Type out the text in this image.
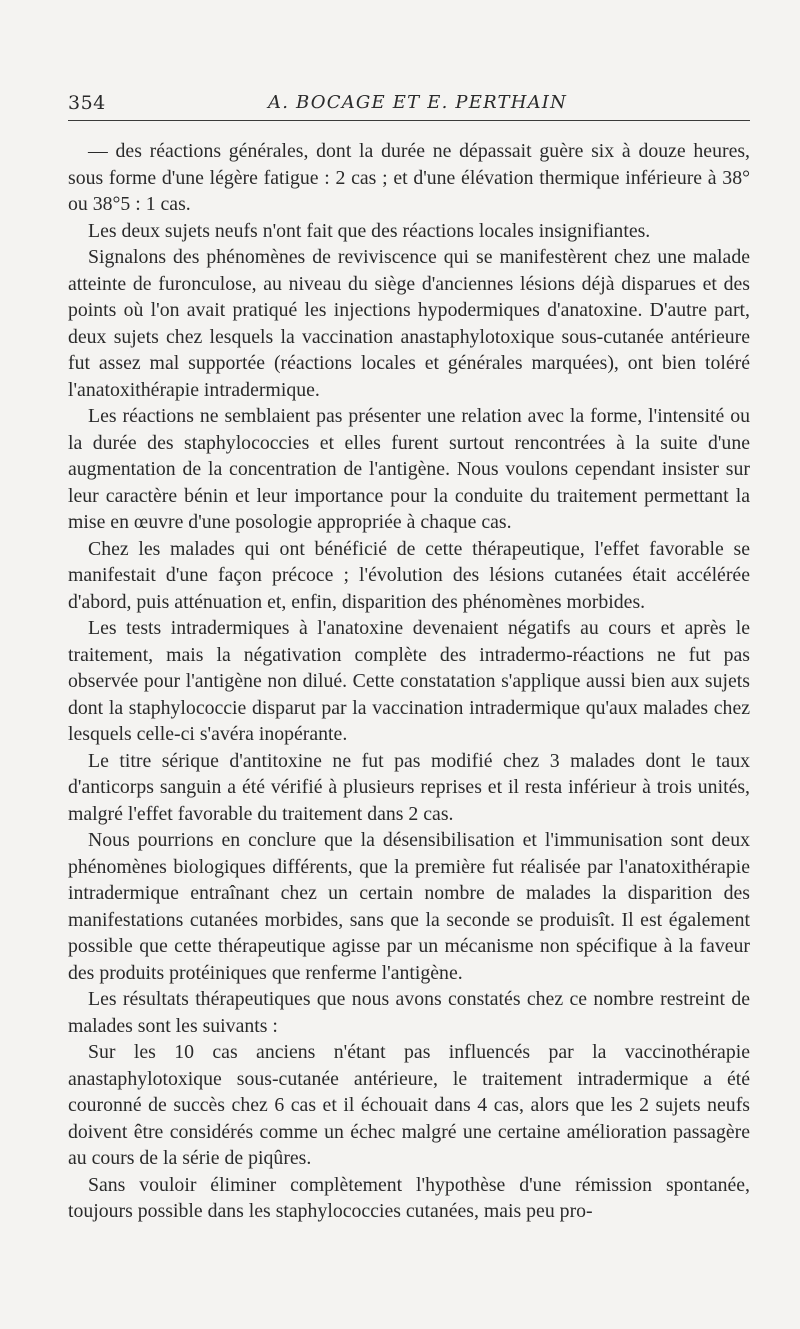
354	A. BOCAGE ET E. PERTHAIN

— des réactions générales, dont la durée ne dépassait guère six à douze heures, sous forme d'une légère fatigue : 2 cas ; et d'une élévation thermique inférieure à 38° ou 38°5 : 1 cas.

Les deux sujets neufs n'ont fait que des réactions locales insignifiantes.

Signalons des phénomènes de reviviscence qui se manifestèrent chez une malade atteinte de furonculose, au niveau du siège d'anciennes lésions déjà disparues et des points où l'on avait pratiqué les injections hypodermiques d'anatoxine. D'autre part, deux sujets chez lesquels la vaccination anastaphylotoxique sous-cutanée antérieure fut assez mal supportée (réactions locales et générales marquées), ont bien toléré l'anatoxithérapie intradermique.

Les réactions ne semblaient pas présenter une relation avec la forme, l'intensité ou la durée des staphylococcies et elles furent surtout rencontrées à la suite d'une augmentation de la concentration de l'antigène. Nous voulons cependant insister sur leur caractère bénin et leur importance pour la conduite du traitement permettant la mise en œuvre d'une posologie appropriée à chaque cas.

Chez les malades qui ont bénéficié de cette thérapeutique, l'effet favorable se manifestait d'une façon précoce ; l'évolution des lésions cutanées était accélérée d'abord, puis atténuation et, enfin, disparition des phénomènes morbides.

Les tests intradermiques à l'anatoxine devenaient négatifs au cours et après le traitement, mais la négativation complète des intradermo-réactions ne fut pas observée pour l'antigène non dilué. Cette constatation s'applique aussi bien aux sujets dont la staphylococcie disparut par la vaccination intradermique qu'aux malades chez lesquels celle-ci s'avéra inopérante.

Le titre sérique d'antitoxine ne fut pas modifié chez 3 malades dont le taux d'anticorps sanguin a été vérifié à plusieurs reprises et il resta inférieur à trois unités, malgré l'effet favorable du traitement dans 2 cas.

Nous pourrions en conclure que la désensibilisation et l'immunisation sont deux phénomènes biologiques différents, que la première fut réalisée par l'anatoxithérapie intradermique entraînant chez un certain nombre de malades la disparition des manifestations cutanées morbides, sans que la seconde se produisît. Il est également possible que cette thérapeutique agisse par un mécanisme non spécifique à la faveur des produits protéiniques que renferme l'antigène.

Les résultats thérapeutiques que nous avons constatés chez ce nombre restreint de malades sont les suivants :

Sur les 10 cas anciens n'étant pas influencés par la vaccinothérapie anastaphylotoxique sous-cutanée antérieure, le traitement intradermique a été couronné de succès chez 6 cas et il échouait dans 4 cas, alors que les 2 sujets neufs doivent être considérés comme un échec malgré une certaine amélioration passagère au cours de la série de piqûres.

Sans vouloir éliminer complètement l'hypothèse d'une rémission spontanée, toujours possible dans les staphylococcies cutanées, mais peu pro-
